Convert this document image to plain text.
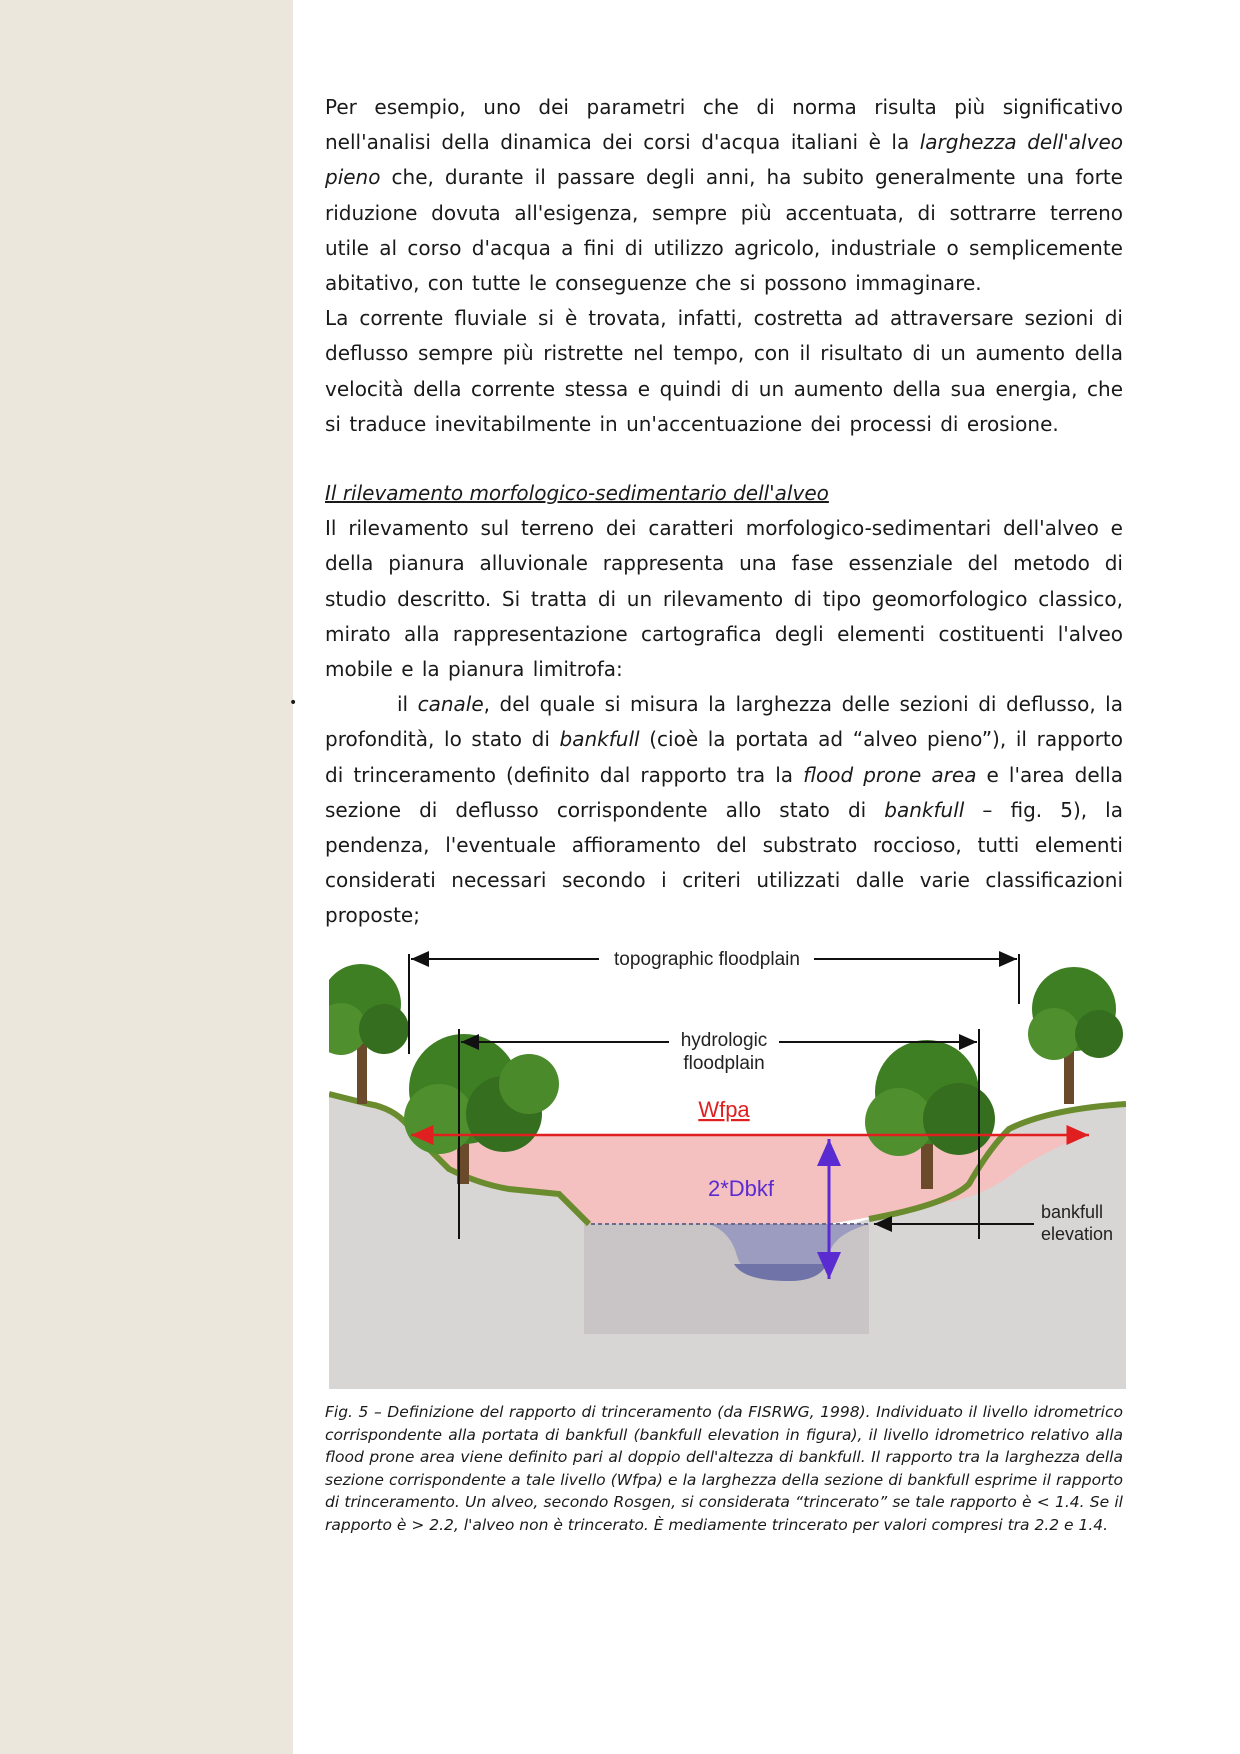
Per esempio, uno dei parametri che di norma risulta più significativo nell'analisi della dinamica dei corsi d'acqua italiani è la larghezza dell'alveo pieno che, durante il passare degli anni, ha subito generalmente una forte riduzione dovuta all'esigenza, sempre più accentuata, di sottrarre terreno utile al corso d'acqua a fini di utilizzo agricolo, industriale o semplicemente abitativo, con tutte le conseguenze che si possono immaginare.

La corrente fluviale si è trovata, infatti, costretta ad attraversare sezioni di deflusso sempre più ristrette nel tempo, con il risultato di un aumento della velocità della corrente stessa e quindi di un aumento della sua energia, che si traduce inevitabilmente in un'accentuazione dei processi di erosione.

Il rilevamento morfologico-sedimentario dell'alveo

Il rilevamento sul terreno dei caratteri morfologico-sedimentari dell'alveo e della pianura alluvionale rappresenta una fase essenziale del metodo di studio descritto. Si tratta di un rilevamento di tipo geomorfologico classico, mirato alla rappresentazione cartografica degli elementi costituenti l'alveo mobile e la pianura limitrofa:

•	il canale, del quale si misura la larghezza delle sezioni di deflusso, la profondità, lo stato di bankfull (cioè la portata ad “alveo pieno”), il rapporto di trinceramento (definito dal rapporto tra la flood prone area e l'area della sezione di deflusso corrispondente allo stato di bankfull – fig. 5), la pendenza, l'eventuale affioramento del substrato roccioso, tutti elementi considerati necessari secondo i criteri utilizzati dalle varie classificazioni proposte;

topographic floodplain
hydrologic
floodplain
Wfpa
2*Dbkf
bankfull
elevation

Fig. 5 – Definizione del rapporto di trinceramento (da FISRWG, 1998). Individuato il livello idrometrico corrispondente alla portata di bankfull (bankfull elevation in figura), il livello idrometrico relativo alla flood prone area viene definito pari al doppio dell'altezza di bankfull. Il rapporto tra la larghezza della sezione corrispondente a tale livello (Wfpa) e la larghezza della sezione di bankfull esprime il rapporto di trinceramento. Un alveo, secondo Rosgen, si considerata “trincerato” se tale rapporto è < 1.4. Se il rapporto è > 2.2, l'alveo non è trincerato. È mediamente trincerato per valori compresi tra 2.2 e 1.4.
